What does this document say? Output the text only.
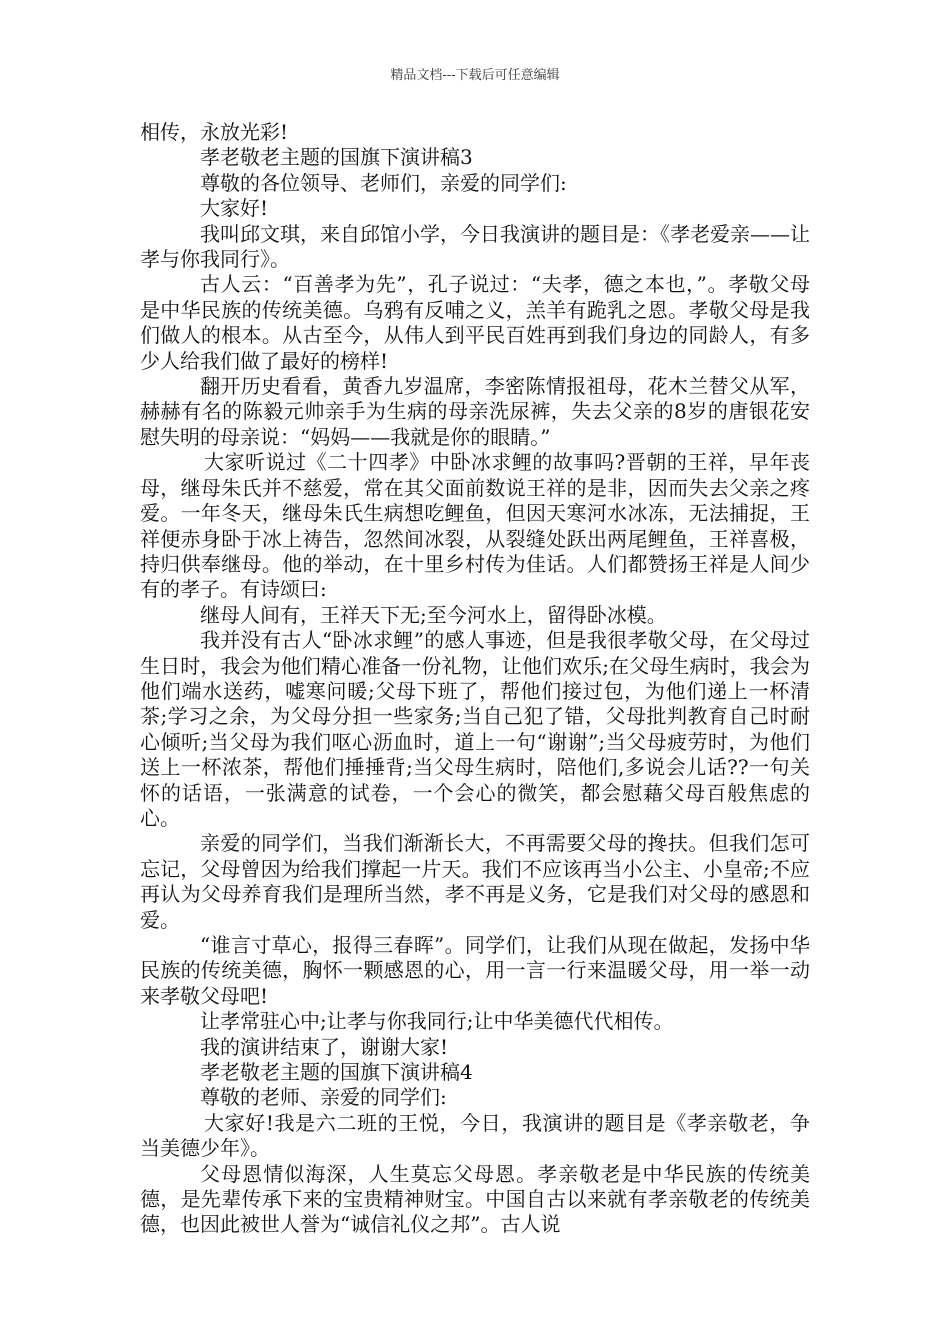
精品文档---下载后可任意编辑

相传，永放光彩!

孝老敬老主题的国旗下演讲稿3

尊敬的各位领导、老师们，亲爱的同学们:

大家好!

我叫邱文琪，来自邱馆小学，今日我演讲的题目是：《孝老爱亲——让孝与你我同行》。

古人云：“百善孝为先”，孔子说过：“夫孝，德之本也，”。孝敬父母是中华民族的传统美德。乌鸦有反哺之义，羔羊有跪乳之恩。孝敬父母是我们做人的根本。从古至今，从伟人到平民百姓再到我们身边的同龄人，有多少人给我们做了最好的榜样!

翻开历史看看，黄香九岁温席，李密陈情报祖母，花木兰替父从军，赫赫有名的陈毅元帅亲手为生病的母亲洗尿裤，失去父亲的8岁的唐银花安慰失明的母亲说：“妈妈——我就是你的眼睛。”

大家听说过《二十四孝》中卧冰求鲤的故事吗?晋朝的王祥，早年丧母，继母朱氏并不慈爱，常在其父面前数说王祥的是非，因而失去父亲之疼爱。一年冬天，继母朱氏生病想吃鲤鱼，但因天寒河水冰冻，无法捕捉，王祥便赤身卧于冰上祷告，忽然间冰裂，从裂缝处跃出两尾鲤鱼，王祥喜极，持归供奉继母。他的举动，在十里乡村传为佳话。人们都赞扬王祥是人间少有的孝子。有诗颂曰:

继母人间有，王祥天下无;至今河水上，留得卧冰模。

我并没有古人“卧冰求鲤”的感人事迹，但是我很孝敬父母，在父母过生日时，我会为他们精心准备一份礼物，让他们欢乐;在父母生病时，我会为他们端水送药，嘘寒问暖;父母下班了，帮他们接过包，为他们递上一杯清茶;学习之余，为父母分担一些家务;当自己犯了错，父母批判教育自己时耐心倾听;当父母为我们呕心沥血时，道上一句“谢谢”;当父母疲劳时，为他们送上一杯浓茶，帮他们捶捶背;当父母生病时，陪他们,多说会儿话??一句关怀的话语，一张满意的试卷，一个会心的微笑，都会慰藉父母百般焦虑的心。

亲爱的同学们，当我们渐渐长大，不再需要父母的搀扶。但我们怎可忘记，父母曾因为给我们撑起一片天。我们不应该再当小公主、小皇帝;不应再认为父母养育我们是理所当然，孝不再是义务，它是我们对父母的感恩和爱。

“谁言寸草心，报得三春晖”。同学们，让我们从现在做起，发扬中华民族的传统美德，胸怀一颗感恩的心，用一言一行来温暖父母，用一举一动来孝敬父母吧!

让孝常驻心中;让孝与你我同行;让中华美德代代相传。

我的演讲结束了，谢谢大家!

孝老敬老主题的国旗下演讲稿4

尊敬的老师、亲爱的同学们:

大家好!我是六二班的王悦，今日，我演讲的题目是《孝亲敬老，争当美德少年》。

父母恩情似海深，人生莫忘父母恩。孝亲敬老是中华民族的传统美德，是先辈传承下来的宝贵精神财宝。中国自古以来就有孝亲敬老的传统美德，也因此被世人誉为“诚信礼仪之邦”。古人说
